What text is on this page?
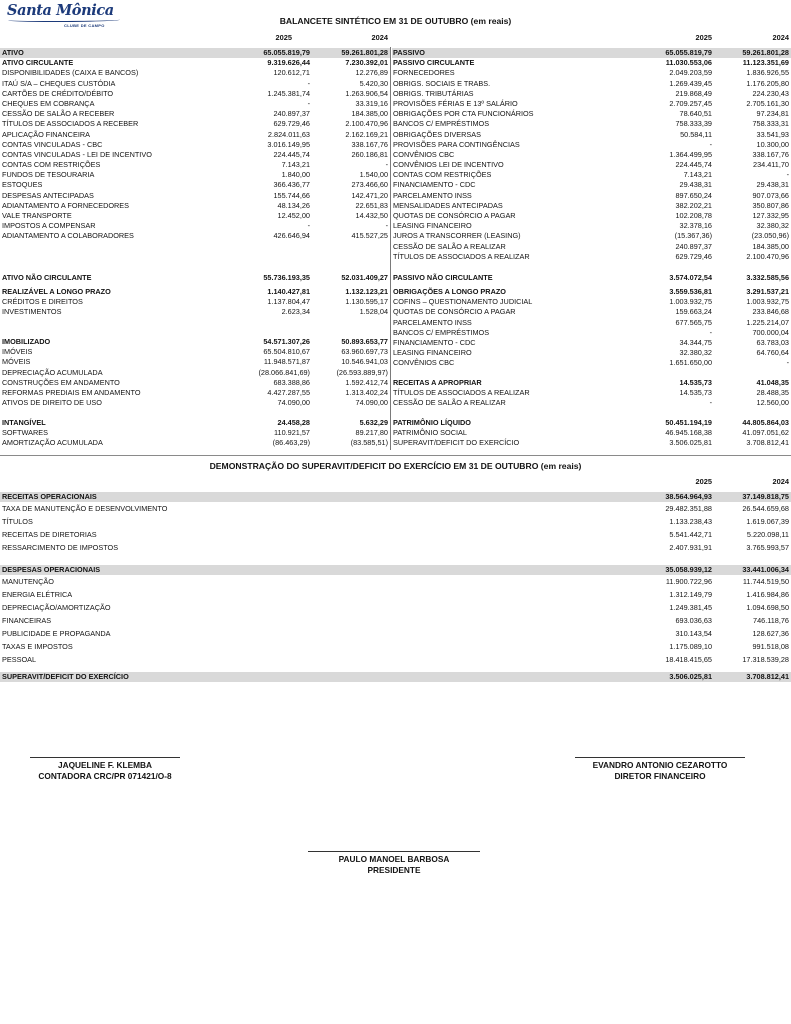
Santa Mônica
CLUBE DE CAMPO	BALANCETE SINTÉTICO EM 31 DE OUTUBRO (em reais)
2025	2024	2025	2024
ATIVO	65.055.819,79	59.261.801,28
ATIVO CIRCULANTE	9.319.626,44	7.230.392,01
DISPONIBILIDADES (CAIXA E BANCOS)	120.612,71	12.276,89
ITAÚ S/A – CHEQUES CUSTÓDIA	-	5.420,30
CARTÕES DE CRÉDITO/DÉBITO	1.245.381,74	1.263.906,54
CHEQUES EM COBRANÇA	-	33.319,16
CESSÃO DE SALÃO A RECEBER	240.897,37	184.385,00
TÍTULOS DE ASSOCIADOS A RECEBER	629.729,46	2.100.470,96
APLICAÇÃO FINANCEIRA	2.824.011,63	2.162.169,21
CONTAS VINCULADAS - CBC	3.016.149,95	338.167,76
CONTAS VINCULADAS - LEI DE INCENTIVO	224.445,74	260.186,81
CONTAS COM RESTRIÇÕES	7.143,21	-
FUNDOS DE TESOURARIA	1.840,00	1.540,00
ESTOQUES	366.436,77	273.466,60
DESPESAS ANTECIPADAS	155.744,66	142.471,20
ADIANTAMENTO A FORNECEDORES	48.134,26	22.651,83
VALE TRANSPORTE	12.452,00	14.432,50
IMPOSTOS A COMPENSAR	-	-
ADIANTAMENTO A COLABORADORES	426.646,94	415.527,25
ATIVO NÃO CIRCULANTE	55.736.193,35	52.031.409,27
REALIZÁVEL A LONGO PRAZO	1.140.427,81	1.132.123,21
CRÉDITOS E DIREITOS	1.137.804,47	1.130.595,17
INVESTIMENTOS	2.623,34	1.528,04
IMOBILIZADO	54.571.307,26	50.893.653,77
IMÓVEIS	65.504.810,67	63.960.697,73
MÓVEIS	11.948.571,87	10.546.941,03
DEPRECIAÇÃO ACUMULADA	(28.066.841,69)	(26.593.889,97)
CONSTRUÇÕES EM ANDAMENTO	683.388,86	1.592.412,74
REFORMAS PREDIAIS EM ANDAMENTO	4.427.287,55	1.313.402,24
ATIVOS DE DIREITO DE USO	74.090,00	74.090,00
INTANGÍVEL	24.458,28	5.632,29
SOFTWARES	110.921,57	89.217,80
AMORTIZAÇÃO ACUMULADA	(86.463,29)	(83.585,51)
PASSIVO	65.055.819,79	59.261.801,28
PASSIVO CIRCULANTE	11.030.553,06	11.123.351,69
FORNECEDORES	2.049.203,59	1.836.926,55
OBRIGS. SOCIAIS E TRABS.	1.269.439,45	1.176.205,80
OBRIGS. TRIBUTÁRIAS	219.868,49	224.230,43
PROVISÕES FÉRIAS E 13º SALÁRIO	2.709.257,45	2.705.161,30
OBRIGAÇÕES POR CTA FUNCIONÁRIOS	78.640,51	97.234,81
BANCOS C/ EMPRÉSTIMOS	758.333,39	758.333,31
OBRIGAÇÕES DIVERSAS	50.584,11	33.541,93
PROVISÕES PARA CONTINGÊNCIAS	-	10.300,00
CONVÊNIOS CBC	1.364.499,95	338.167,76
CONVÊNIOS LEI DE INCENTIVO	224.445,74	234.411,70
CONTAS COM RESTRIÇÕES	7.143,21	-
FINANCIAMENTO - CDC	29.438,31	29.438,31
PARCELAMENTO INSS	897.650,24	907.073,66
MENSALIDADES ANTECIPADAS	382.202,21	350.807,86
QUOTAS DE CONSÓRCIO A PAGAR	102.208,78	127.332,95
LEASING FINANCEIRO	32.378,16	32.380,32
JUROS A TRANSCORRER (LEASING)	(15.367,36)	(23.050,96)
CESSÃO DE SALÃO A REALIZAR	240.897,37	184.385,00
TÍTULOS DE ASSOCIADOS A REALIZAR	629.729,46	2.100.470,96
PASSIVO NÃO CIRCULANTE	3.574.072,54	3.332.585,56
OBRIGAÇÕES A LONGO PRAZO	3.559.536,81	3.291.537,21
COFINS – QUESTIONAMENTO JUDICIAL	1.003.932,75	1.003.932,75
QUOTAS DE CONSÓRCIO A PAGAR	159.663,24	233.846,68
PARCELAMENTO INSS	677.565,75	1.225.214,07
BANCOS C/ EMPRÉSTIMOS	-	700.000,04
FINANCIAMENTO - CDC	34.344,75	63.783,03
LEASING FINANCEIRO	32.380,32	64.760,64
CONVÊNIOS CBC	1.651.650,00	-
RECEITAS A APROPRIAR	14.535,73	41.048,35
TÍTULOS DE ASSOCIADOS A REALIZAR	14.535,73	28.488,35
CESSÃO DE SALÃO A REALIZAR	-	12.560,00
PATRIMÔNIO LÍQUIDO	50.451.194,19	44.805.864,03
PATRIMÔNIO SOCIAL	46.945.168,38	41.097.051,62
SUPERAVIT/DEFICIT DO EXERCÍCIO	3.506.025,81	3.708.812,41
DEMONSTRAÇÃO DO SUPERAVIT/DEFICIT DO EXERCÍCIO EM 31 DE OUTUBRO (em reais)
2025	2024
RECEITAS OPERACIONAIS	38.564.964,93	37.149.818,75
TAXA DE MANUTENÇÃO E DESENVOLVIMENTO	29.482.351,88	26.544.659,68
TÍTULOS	1.133.238,43	1.619.067,39
RECEITAS DE DIRETORIAS	5.541.442,71	5.220.098,11
RESSARCIMENTO DE IMPOSTOS	2.407.931,91	3.765.993,57
DESPESAS OPERACIONAIS	35.058.939,12	33.441.006,34
MANUTENÇÃO	11.900.722,96	11.744.519,50
ENERGIA ELÉTRICA	1.312.149,79	1.416.984,86
DEPRECIAÇÃO/AMORTIZAÇÃO	1.249.381,45	1.094.698,50
FINANCEIRAS	693.036,63	746.118,76
PUBLICIDADE E PROPAGANDA	310.143,54	128.627,36
TAXAS E IMPOSTOS	1.175.089,10	991.518,08
PESSOAL	18.418.415,65	17.318.539,28
SUPERAVIT/DEFICIT DO EXERCÍCIO	3.506.025,81	3.708.812,41
JAQUELINE F. KLEMBA
CONTADORA CRC/PR 071421/O-8
EVANDRO ANTONIO CEZAROTTO
DIRETOR FINANCEIRO
PAULO MANOEL BARBOSA
PRESIDENTE
